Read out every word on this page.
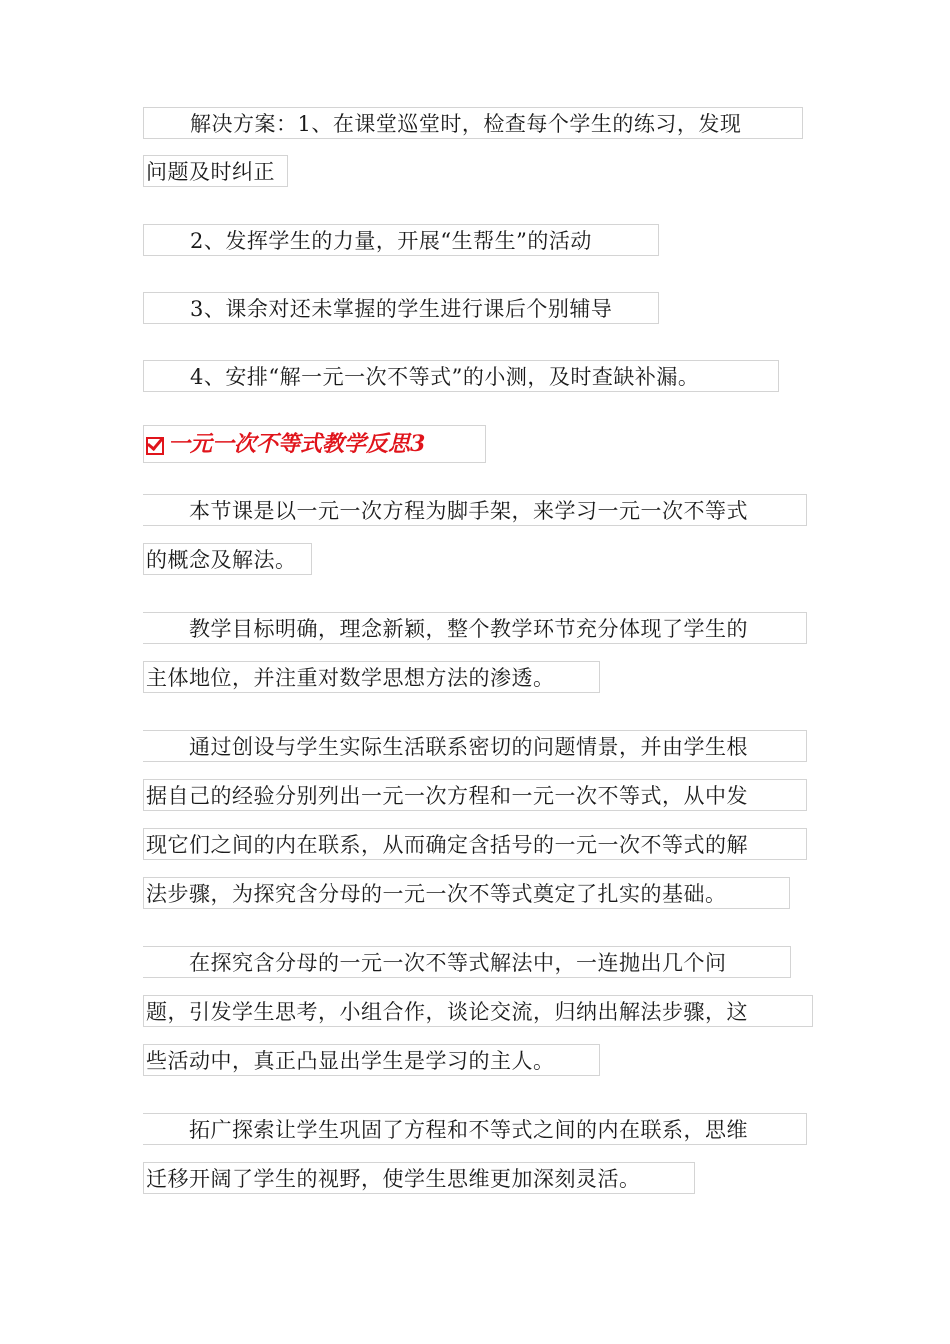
解决方案：1、在课堂巡堂时，检查每个学生的练习，发现
问题及时纠正
2、发挥学生的力量，开展“生帮生”的活动
3、课余对还未掌握的学生进行课后个别辅导
4、安排“解一元一次不等式”的小测，及时查缺补漏。
一元一次不等式教学反思3
本节课是以一元一次方程为脚手架，来学习一元一次不等式
的概念及解法。
教学目标明确，理念新颖，整个教学环节充分体现了学生的
主体地位，并注重对数学思想方法的渗透。
通过创设与学生实际生活联系密切的问题情景，并由学生根
据自己的经验分别列出一元一次方程和一元一次不等式，从中发
现它们之间的内在联系，从而确定含括号的一元一次不等式的解
法步骤，为探究含分母的一元一次不等式奠定了扎实的基础。
在探究含分母的一元一次不等式解法中，一连抛出几个问
题，引发学生思考，小组合作，谈论交流，归纳出解法步骤，这
些活动中，真正凸显出学生是学习的主人。
拓广探索让学生巩固了方程和不等式之间的内在联系，思维
迁移开阔了学生的视野，使学生思维更加深刻灵活。
